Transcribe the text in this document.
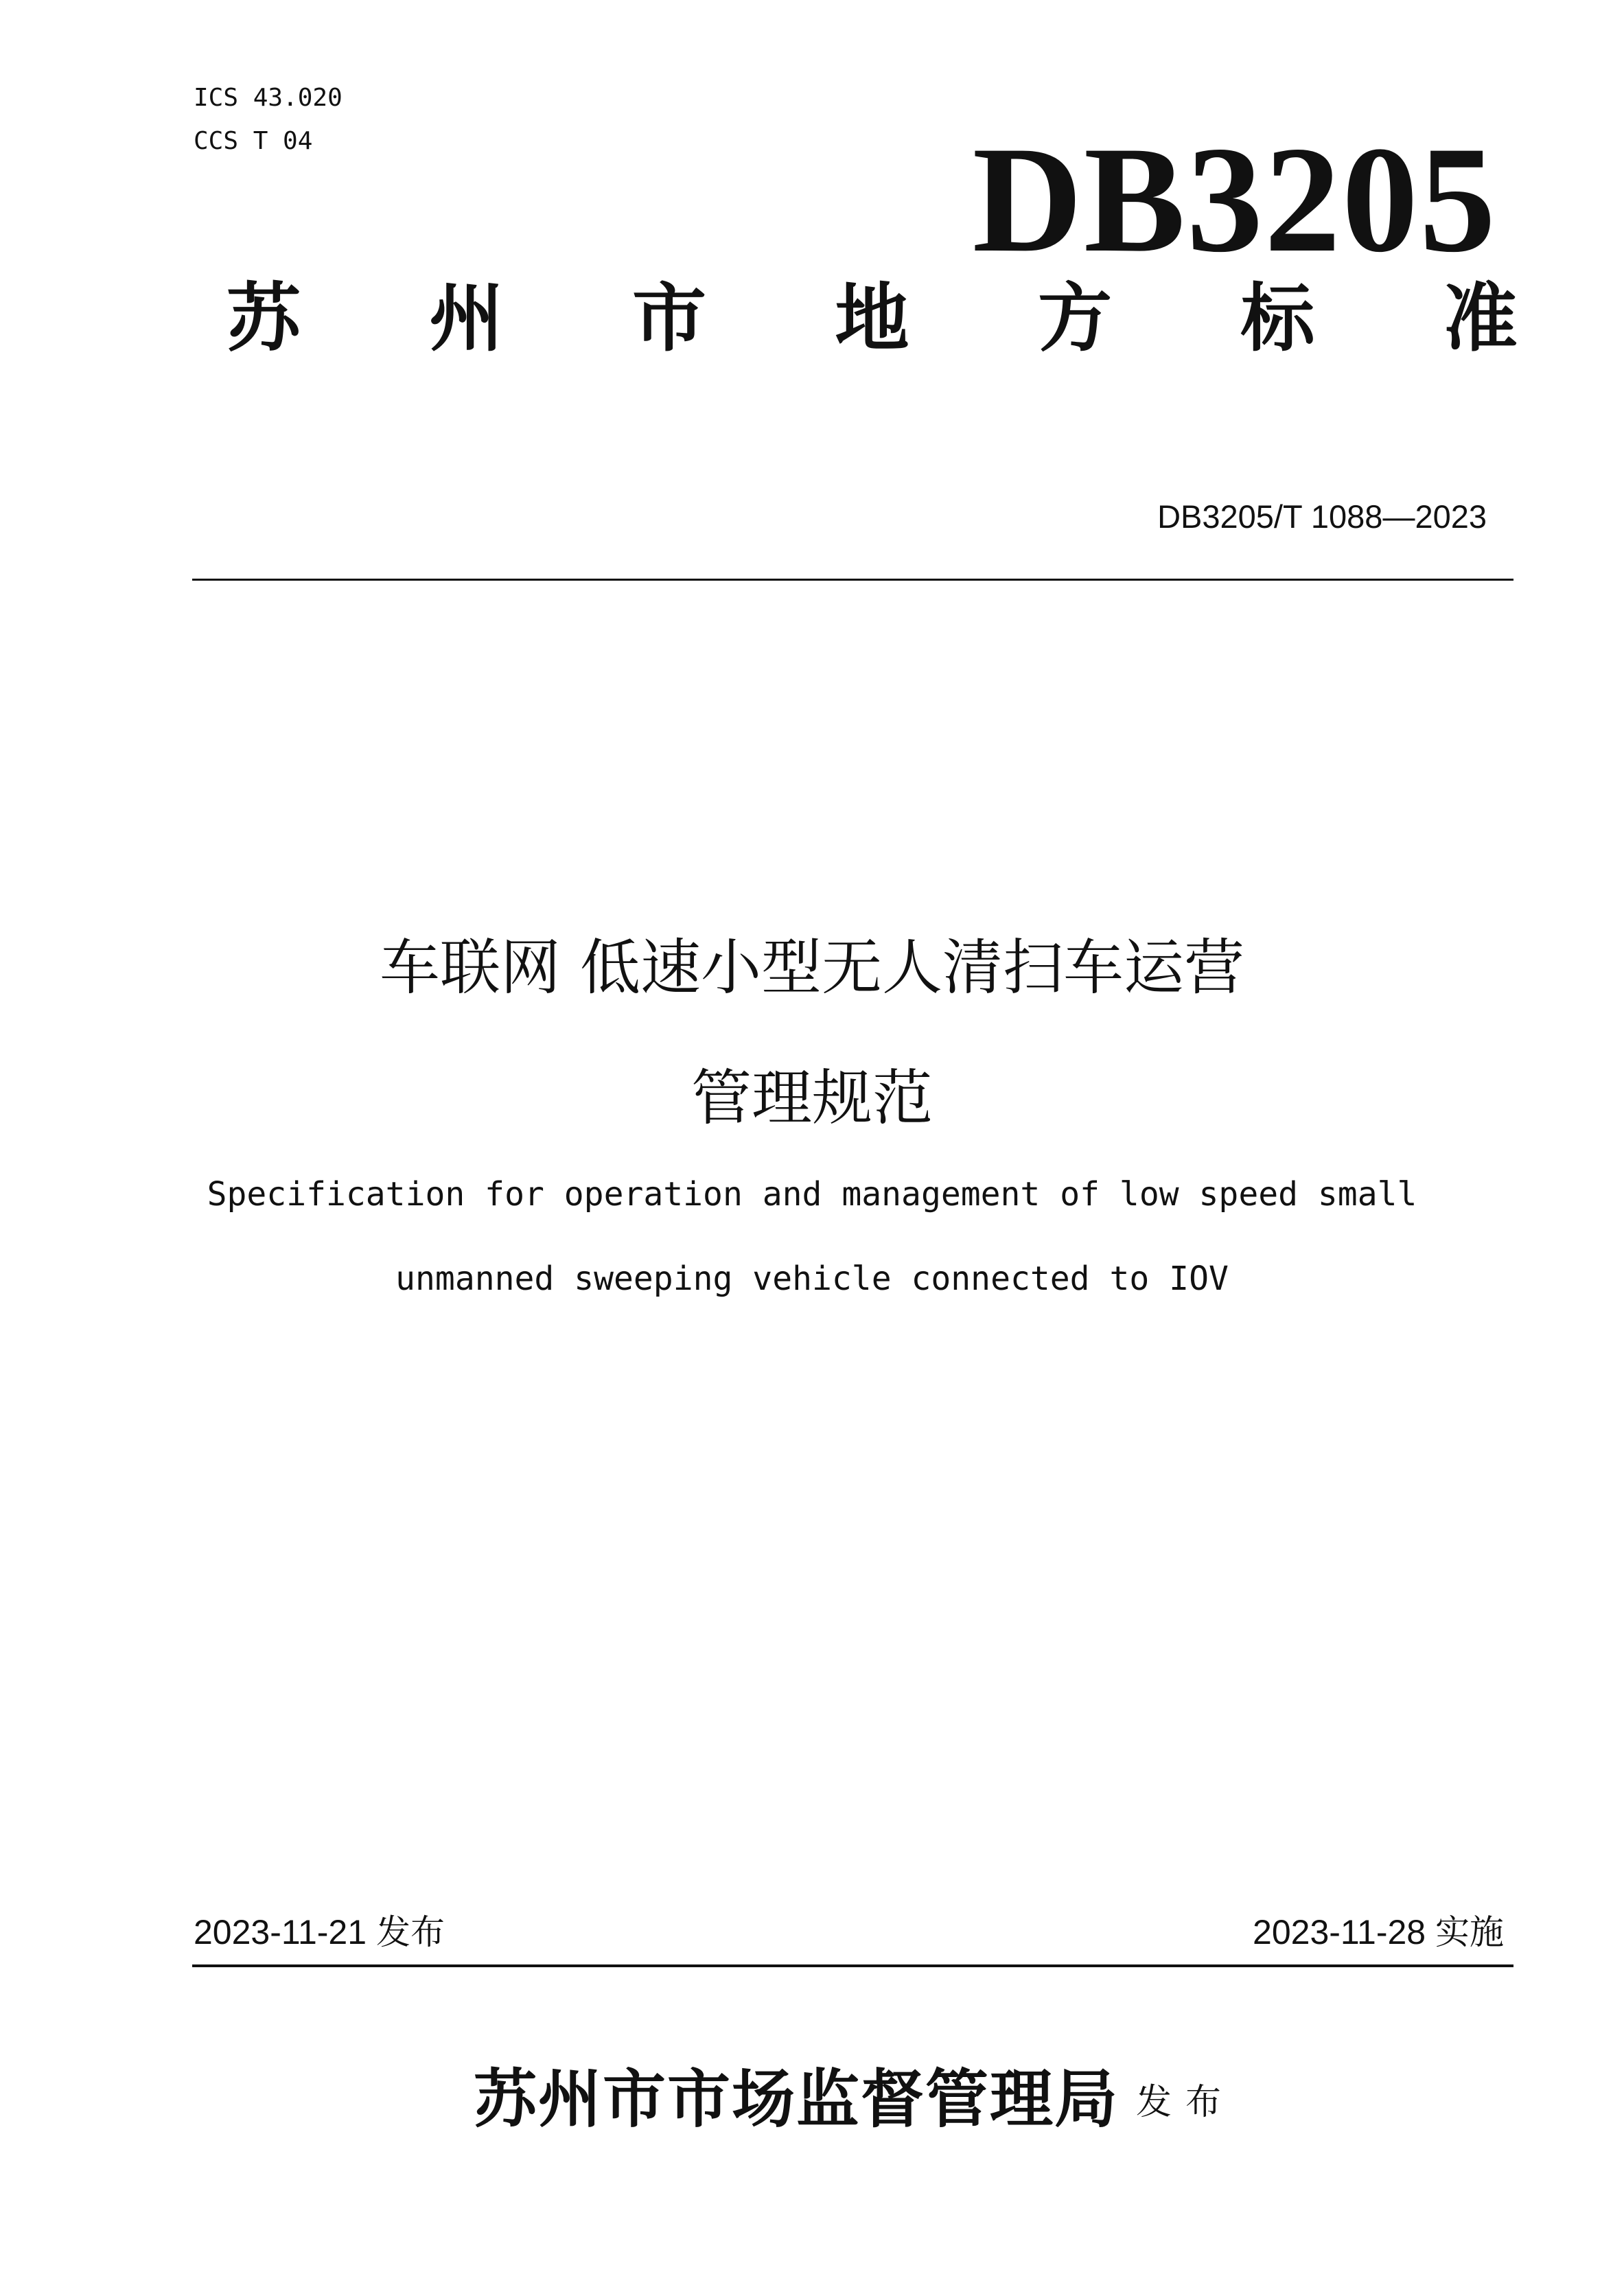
ICS 43.020
CCS T 04	DB3205
苏 州 市 地 方 标 准
DB3205/T 1088—2023
车联网 低速小型无人清扫车运营
管理规范
Specification for operation and management of low speed small
unmanned sweeping vehicle connected to IOV
2023-11-21 发布	2023-11-28 实施
苏州市市场监督管理局 发布
